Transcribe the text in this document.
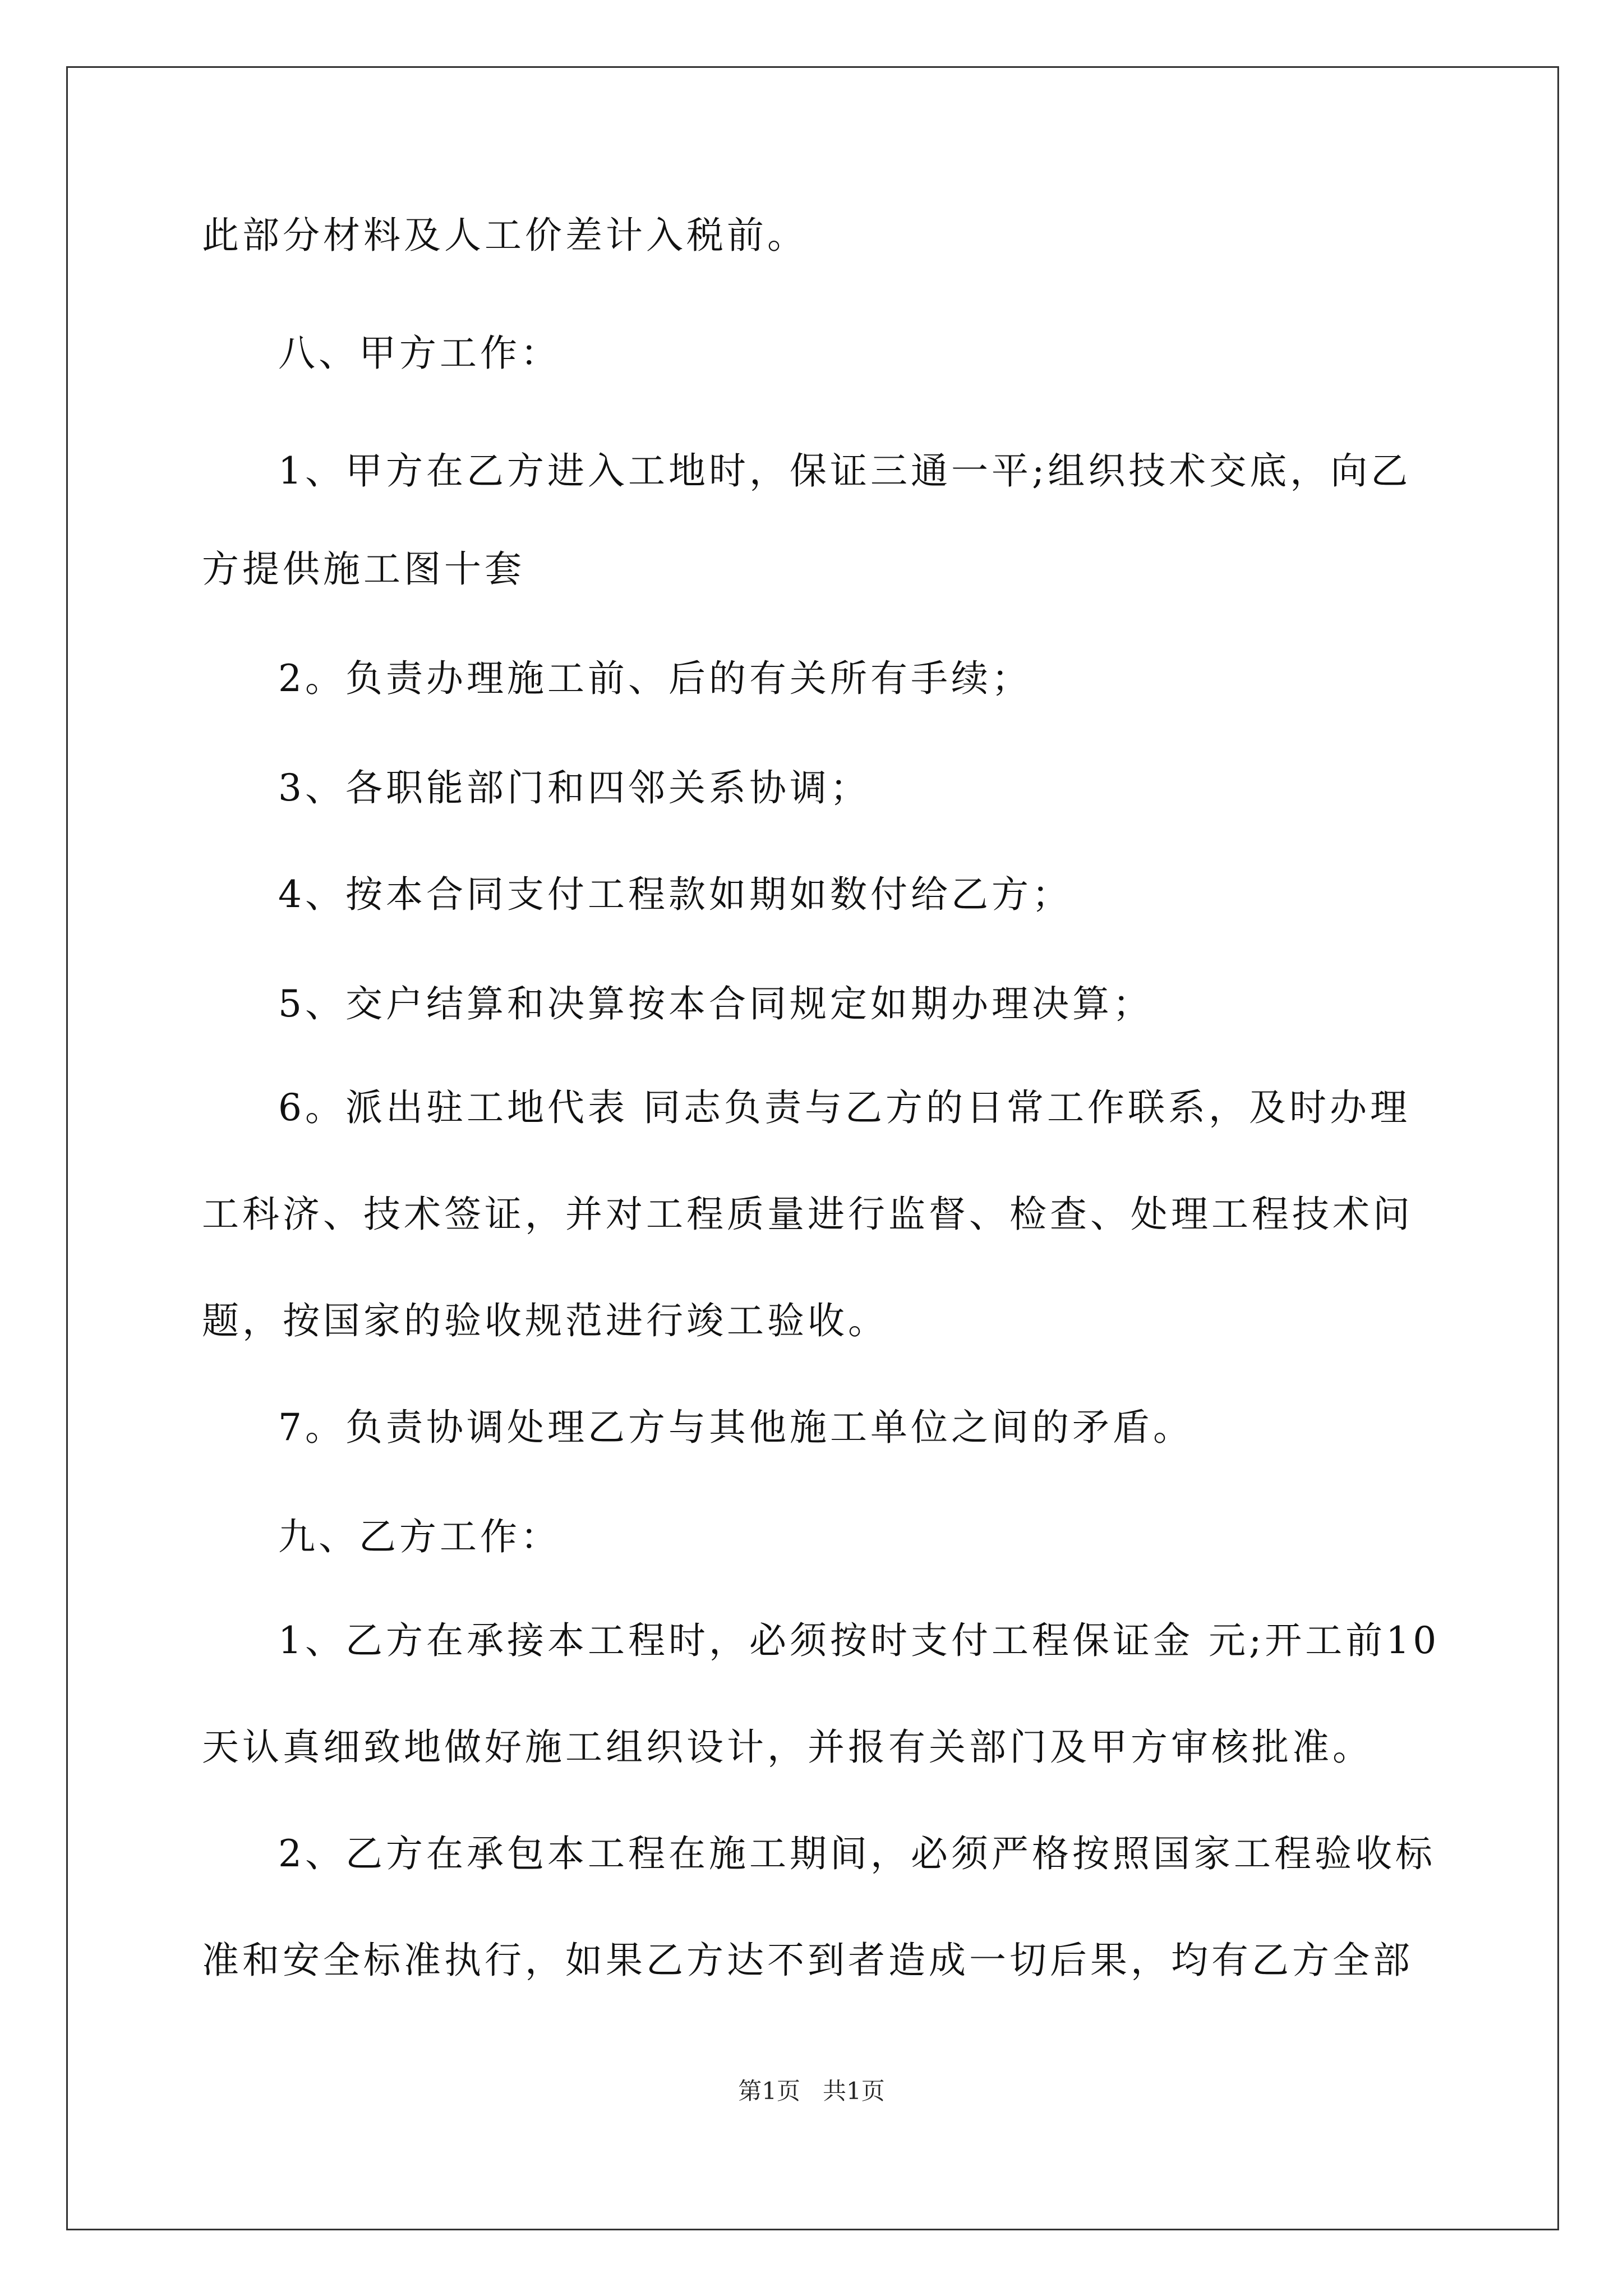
此部分材料及人工价差计入税前。
八、甲方工作：
1、甲方在乙方进入工地时，保证三通一平;组织技术交底，向乙
方提供施工图十套
2。负责办理施工前、后的有关所有手续；
3、各职能部门和四邻关系协调；
4、按本合同支付工程款如期如数付给乙方；
5、交户结算和决算按本合同规定如期办理决算；
6。派出驻工地代表 同志负责与乙方的日常工作联系，及时办理
工科济、技术签证，并对工程质量进行监督、检查、处理工程技术问
题，按国家的验收规范进行竣工验收。
7。负责协调处理乙方与其他施工单位之间的矛盾。
九、乙方工作：
1、乙方在承接本工程时，必须按时支付工程保证金 元;开工前10
天认真细致地做好施工组织设计，并报有关部门及甲方审核批准。
2、乙方在承包本工程在施工期间，必须严格按照国家工程验收标
准和安全标准执行，如果乙方达不到者造成一切后果，均有乙方全部
第1页   共1页
